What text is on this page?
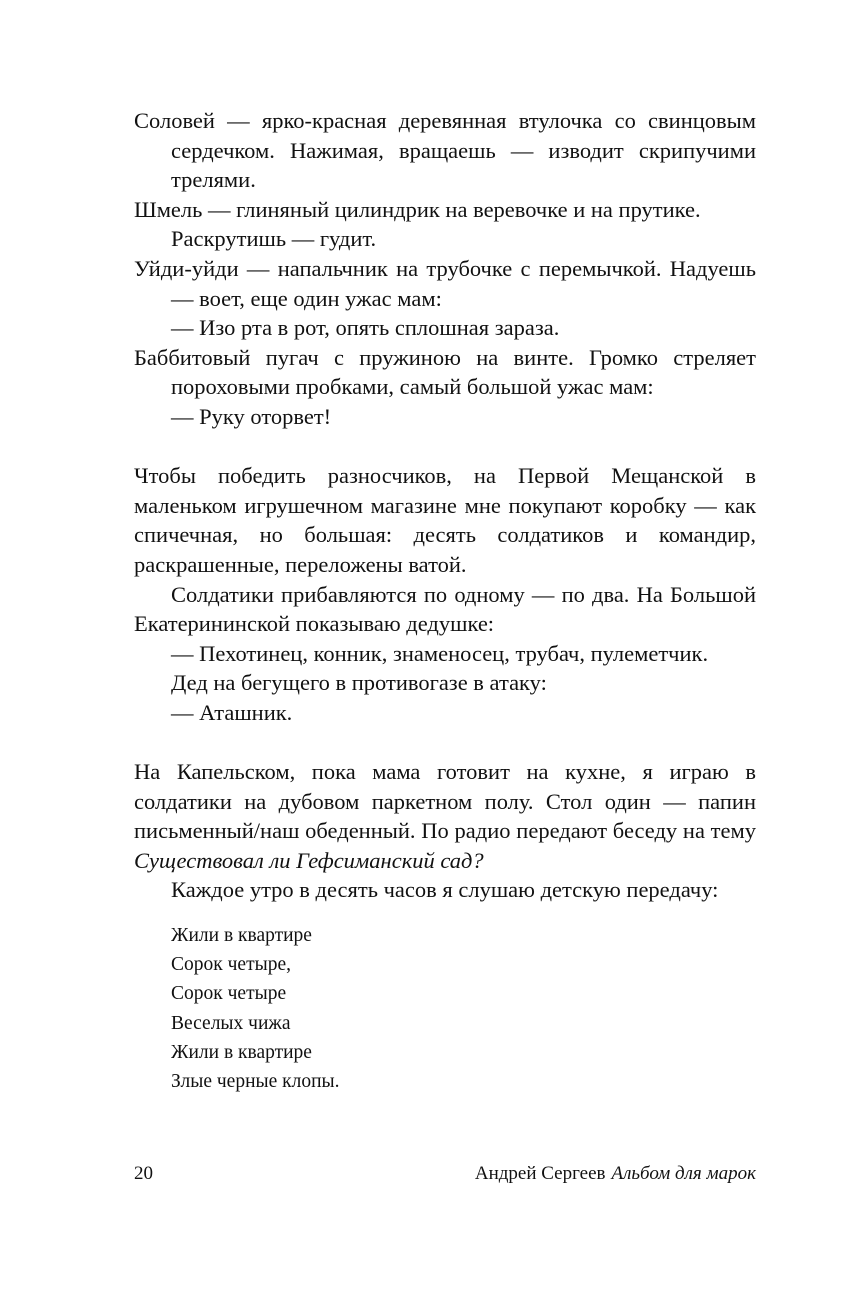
Соловей — ярко-красная деревянная втулочка со свинцовым сердечком. Нажимая, вращаешь — изводит скрипучими трелями.
Шмель — глиняный цилиндрик на веревочке и на прутике.
Раскрутишь — гудит.
Уйди-уйди — напальчник на трубочке с перемычкой. Надуешь — воет, еще один ужас мам:
— Изо рта в рот, опять сплошная зараза.
Баббитовый пугач с пружиною на винте. Громко стреляет пороховыми пробками, самый большой ужас мам:
— Руку оторвет!

Чтобы победить разносчиков, на Первой Мещанской в маленьком игрушечном магазине мне покупают коробку — как спичечная, но большая: десять солдатиков и командир, раскрашенные, переложены ватой.

Солдатики прибавляются по одному — по два. На Большой Екатерининской показываю дедушке:

— Пехотинец, конник, знаменосец, трубач, пулеметчик.

Дед на бегущего в противогазе в атаку:

— Аташник.

На Капельском, пока мама готовит на кухне, я играю в солдатики на дубовом паркетном полу. Стол один — папин письменный/наш обеденный. По радио передают беседу на тему Существовал ли Гефсиманский сад?

Каждое утро в десять часов я слушаю детскую передачу:

Жили в квартире
Сорок четыре,
Сорок четыре
Веселых чижа
Жили в квартире
Злые черные клопы.
20	Андрей Сергеев Альбом для марок
